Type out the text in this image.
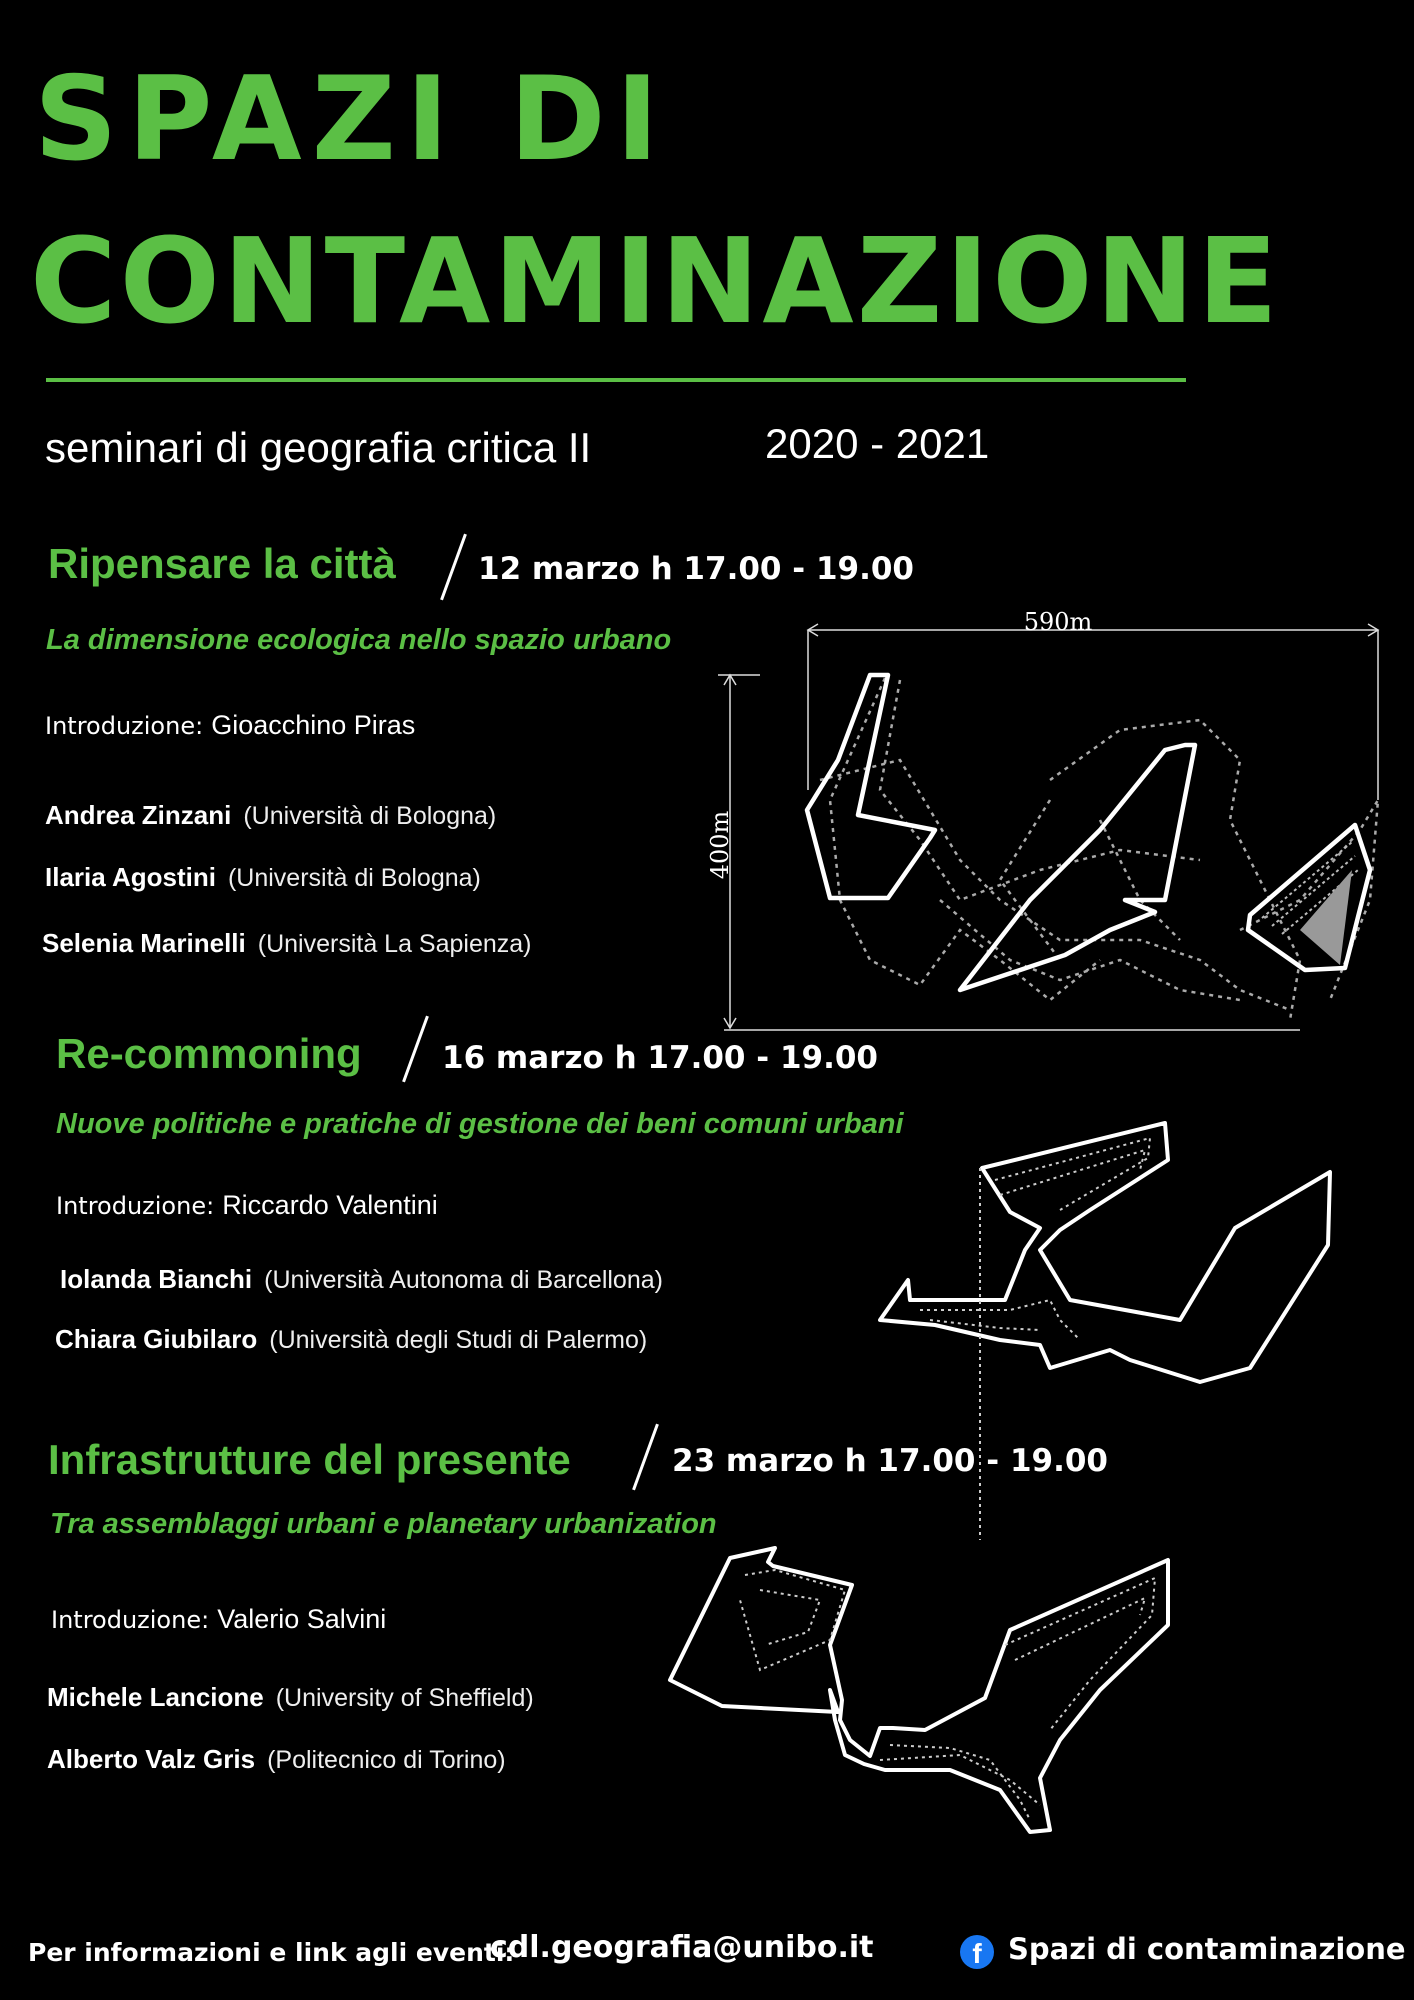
SPAZI DI
CONTAMINAZIONE
seminari di geografia critica II	2020 - 2021
Ripensare la città	12 marzo h 17.00 - 19.00
La dimensione ecologica nello spazio urbano
Introduzione: Gioacchino Piras
Andrea Zinzani (Università di Bologna)
Ilaria Agostini (Università di Bologna)
Selenia Marinelli (Università La Sapienza)
Re-commoning	16 marzo h 17.00 - 19.00
Nuove politiche e pratiche di gestione dei beni comuni urbani
Introduzione: Riccardo Valentini
Iolanda Bianchi (Università Autonoma di Barcellona)
Chiara Giubilaro (Università degli Studi di Palermo)
Infrastrutture del presente	23 marzo h 17.00 - 19.00
Tra assemblaggi urbani e planetary urbanization
Introduzione: Valerio Salvini
Michele Lancione (University of Sheffield)
Alberto Valz Gris (Politecnico di Torino)
590m
400m
Per informazioni e link agli eventi:
cdl.geografia@unibo.it	f Spazi di contaminazione
